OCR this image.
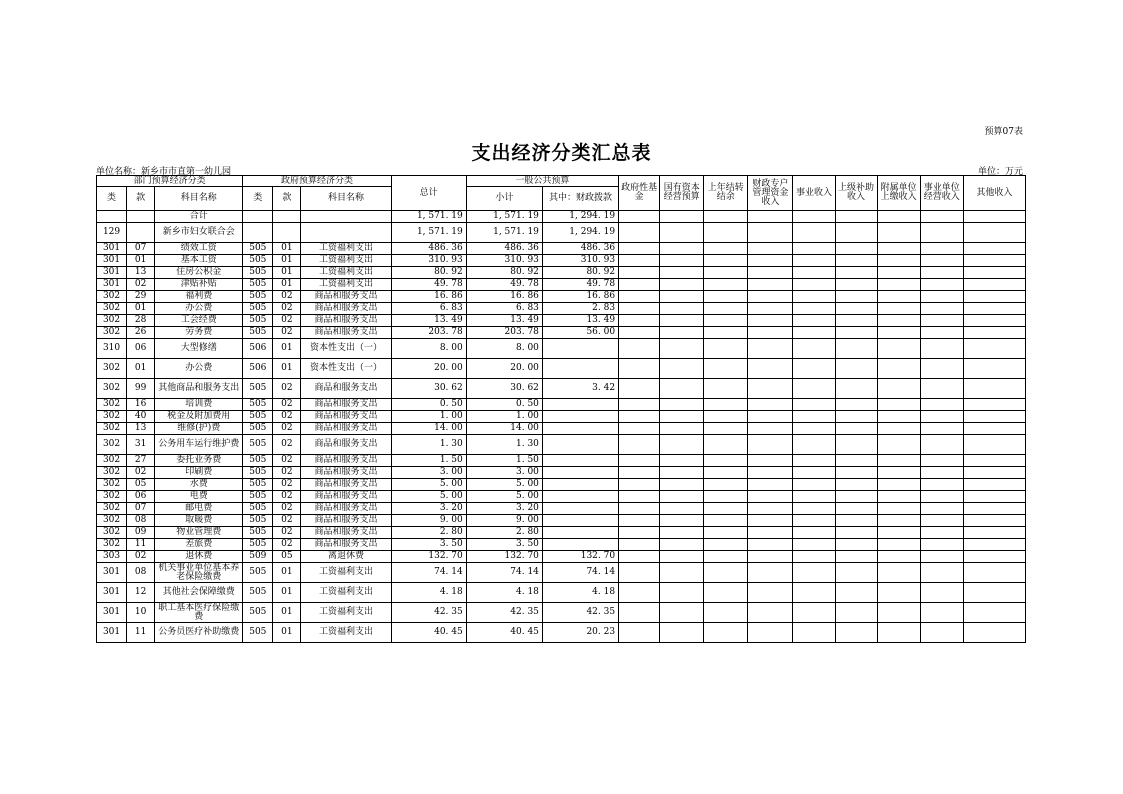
预算07表
支出经济分类汇总表
单位名称：新乡市市直第一幼儿园	单位：万元
部门预算经济分类			政府预算经济分类			总计	一般公共预算		政府性基金	国有资本经营预算	上年结转结余	财政专户管理资金收入	事业收入	上级补助收入	附属单位上缴收入	事业单位经营收入	其他收入
类	款	科目名称	类	款	科目名称		小计	其中：财政拨款									
		合计				1, 571. 19	1, 571. 19	1, 294. 19									
129		新乡市妇女联合会				1, 571. 19	1, 571. 19	1, 294. 19									
301	07	绩效工资	505	01	工资福利支出	486. 36	486. 36	486. 36									
301	01	基本工资	505	01	工资福利支出	310. 93	310. 93	310. 93									
301	13	住房公积金	505	01	工资福利支出	80. 92	80. 92	80. 92									
301	02	津贴补贴	505	01	工资福利支出	49. 78	49. 78	49. 78									
302	29	福利费	505	02	商品和服务支出	16. 86	16. 86	16. 86									
302	01	办公费	505	02	商品和服务支出	6. 83	6. 83	2. 83									
302	28	工会经费	505	02	商品和服务支出	13. 49	13. 49	13. 49									
302	26	劳务费	505	02	商品和服务支出	203. 78	203. 78	56. 00									
310	06	大型修缮	506	01	资本性支出（一）	8. 00	8. 00										
302	01	办公费	506	01	资本性支出（一）	20. 00	20. 00										
302	99	其他商品和服务支出	505	02	商品和服务支出	30. 62	30. 62	3. 42									
302	16	培训费	505	02	商品和服务支出	0. 50	0. 50										
302	40	税金及附加费用	505	02	商品和服务支出	1. 00	1. 00										
302	13	维修(护)费	505	02	商品和服务支出	14. 00	14. 00										
302	31	公务用车运行维护费	505	02	商品和服务支出	1. 30	1. 30										
302	27	委托业务费	505	02	商品和服务支出	1. 50	1. 50										
302	02	印刷费	505	02	商品和服务支出	3. 00	3. 00										
302	05	水费	505	02	商品和服务支出	5. 00	5. 00										
302	06	电费	505	02	商品和服务支出	5. 00	5. 00										
302	07	邮电费	505	02	商品和服务支出	3. 20	3. 20										
302	08	取暖费	505	02	商品和服务支出	9. 00	9. 00										
302	09	物业管理费	505	02	商品和服务支出	2. 80	2. 80										
302	11	差旅费	505	02	商品和服务支出	3. 50	3. 50										
303	02	退休费	509	05	离退休费	132. 70	132. 70	132. 70									
301	08	机关事业单位基本养老保险缴费	505	01	工资福利支出	74. 14	74. 14	74. 14									
301	12	其他社会保障缴费	505	01	工资福利支出	4. 18	4. 18	4. 18									
301	10	职工基本医疗保险缴费	505	01	工资福利支出	42. 35	42. 35	42. 35									
301	11	公务员医疗补助缴费	505	01	工资福利支出	40. 45	40. 45	20. 23									
